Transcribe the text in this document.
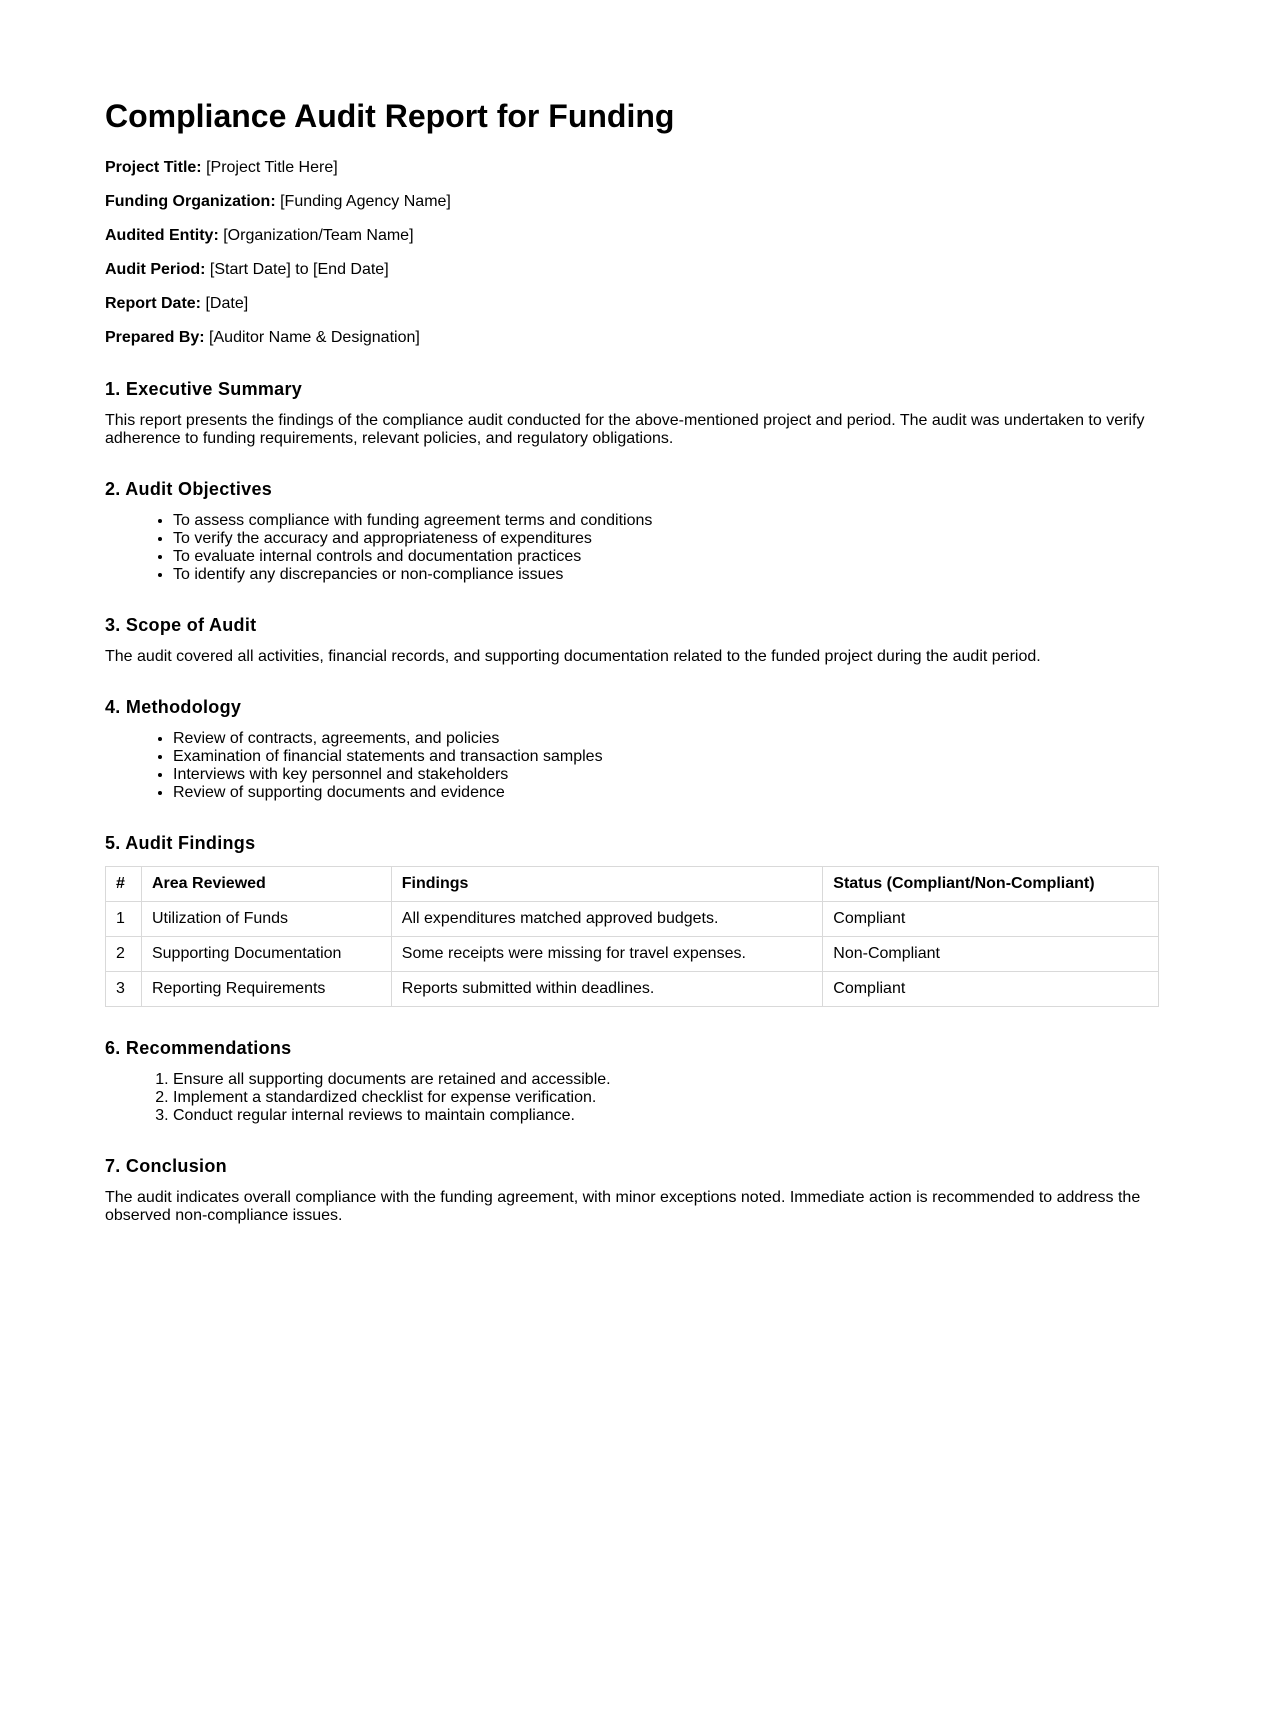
Compliance Audit Report for Funding
Project Title: [Project Title Here]
Funding Organization: [Funding Agency Name]
Audited Entity: [Organization/Team Name]
Audit Period: [Start Date] to [End Date]
Report Date: [Date]
Prepared By: [Auditor Name & Designation]
1. Executive Summary

This report presents the findings of the compliance audit conducted for the above-mentioned project and period. The audit was undertaken to verify adherence to funding requirements, relevant policies, and regulatory obligations.

2. Audit Objectives
• To assess compliance with funding agreement terms and conditions
• To verify the accuracy and appropriateness of expenditures
• To evaluate internal controls and documentation practices
• To identify any discrepancies or non-compliance issues
3. Scope of Audit

The audit covered all activities, financial records, and supporting documentation related to the funded project during the audit period.

4. Methodology
• Review of contracts, agreements, and policies
• Examination of financial statements and transaction samples
• Interviews with key personnel and stakeholders
• Review of supporting documents and evidence
5. Audit Findings
#	Area Reviewed	Findings	Status (Compliant/Non-Compliant)
1	Utilization of Funds	All expenditures matched approved budgets.	Compliant
2	Supporting Documentation	Some receipts were missing for travel expenses.	Non-Compliant
3	Reporting Requirements	Reports submitted within deadlines.	Compliant
6. Recommendations
1. Ensure all supporting documents are retained and accessible.
2. Implement a standardized checklist for expense verification.
3. Conduct regular internal reviews to maintain compliance.
7. Conclusion

The audit indicates overall compliance with the funding agreement, with minor exceptions noted. Immediate action is recommended to address the observed non-compliance issues.
